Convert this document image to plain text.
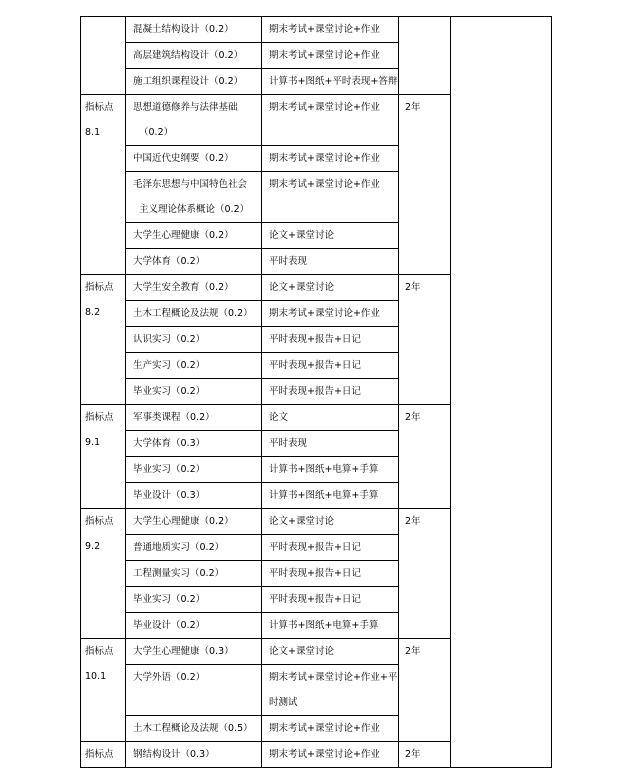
	混凝土结构设计（0.2）	期末考试+课堂讨论+作业		

	高层建筑结构设计（0.2）	期末考试+课堂讨论+作业		

	施工组织课程设计（0.2）	计算书+图纸+平时表现+答辩		

指标点
8.1	思想道德修养与法律基础
（0.2）	期末考试+课堂讨论+作业	2年	

	中国近代史纲要（0.2）	期末考试+课堂讨论+作业		

	毛泽东思想与中国特色社会
主义理论体系概论（0.2）	期末考试+课堂讨论+作业		

	大学生心理健康（0.2）	论文+课堂讨论		

	大学体育（0.2）	平时表现		

指标点
8.2	大学生安全教育（0.2）	论文+课堂讨论	2年	

	土木工程概论及法规（0.2）	期末考试+课堂讨论+作业		

	认识实习（0.2）	平时表现+报告+日记		

	生产实习（0.2）	平时表现+报告+日记		

	毕业实习（0.2）	平时表现+报告+日记		

指标点
9.1	军事类课程（0.2）	论文	2年	

	大学体育（0.3）	平时表现		

	毕业实习（0.2）	计算书+图纸+电算+手算		

	毕业设计（0.3）	计算书+图纸+电算+手算		

指标点
9.2	大学生心理健康（0.2）	论文+课堂讨论	2年	

	普通地质实习（0.2）	平时表现+报告+日记		

	工程测量实习（0.2）	平时表现+报告+日记		

	毕业实习（0.2）	平时表现+报告+日记		

	毕业设计（0.2）	计算书+图纸+电算+手算		

指标点
10.1	大学生心理健康（0.3）	论文+课堂讨论	2年	

	大学外语（0.2）	期末考试+课堂讨论+作业+平
时测试		

	土木工程概论及法规（0.5）	期末考试+课堂讨论+作业		

指标点	钢结构设计（0.3）	期末考试+课堂讨论+作业	2年	
